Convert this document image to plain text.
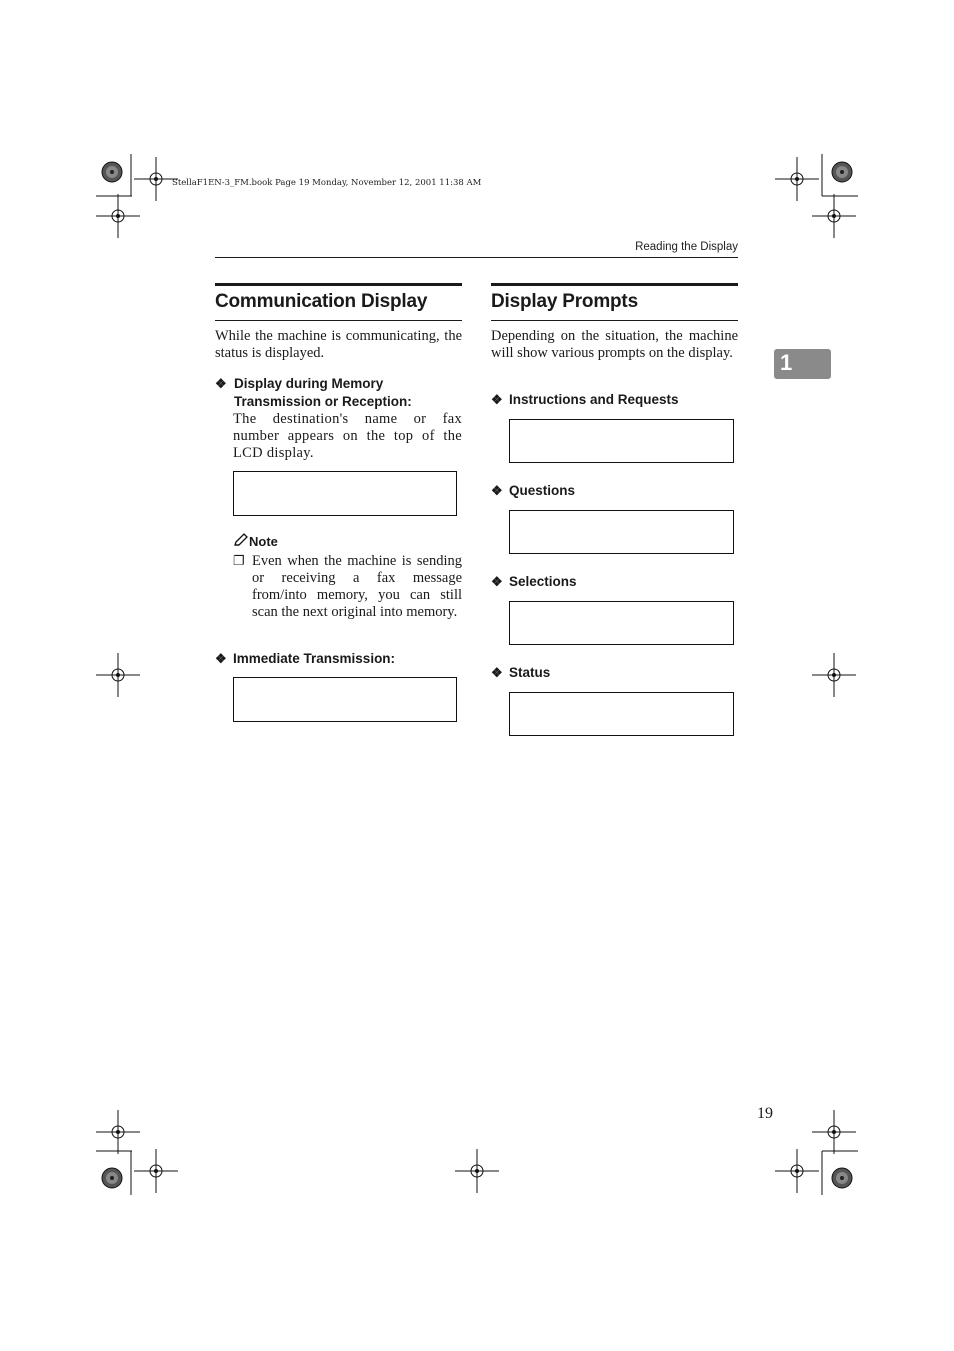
StellaF1EN-3_FM.book Page 19 Monday, November 12, 2001 11:38 AM
Reading the Display
Communication Display
While the machine is communicating, the status is displayed.
❖ Display during Memory Transmission or Reception:
The destination's name or fax number appears on the top of the LCD display.

Note
❐ Even when the machine is sending or receiving a fax message from/into memory, you can still scan the next original into memory.
❖ Immediate Transmission:

Display Prompts
Depending on the situation, the machine will show various prompts on the display.
❖ Instructions and Requests

❖ Questions

❖ Selections

❖ Status

1
19
